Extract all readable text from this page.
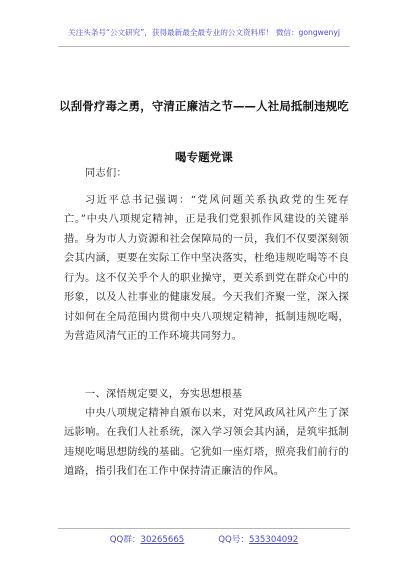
关注头条号“公文研究”，获得最新最全最专业的公文资料库！ 微信：gongwenyj
以刮骨疗毒之勇，守清正廉洁之节——人社局抵制违规吃
喝专题党课
同志们：
习近平总书记强调：“党风问题关系执政党的生死存亡。”中央八项规定精神，正是我们党狠抓作风建设的关键举措。身为市人力资源和社会保障局的一员，我们不仅要深刻领会其内涵，更要在实际工作中坚决落实，杜绝违规吃喝等不良行为。这不仅关乎个人的职业操守，更关系到党在群众心中的形象，以及人社事业的健康发展。今天我们齐聚一堂，深入探讨如何在全局范围内贯彻中央八项规定精神，抵制违规吃喝，为营造风清气正的工作环境共同努力。
一、深悟规定要义，夯实思想根基
中央八项规定精神自颁布以来，对党风政风社风产生了深远影响。在我们人社系统，深入学习领会其内涵，是筑牢抵制违规吃喝思想防线的基础。它犹如一座灯塔，照亮我们前行的道路，指引我们在工作中保持清正廉洁的作风。
QQ群：30265665	QQ号：535304092
